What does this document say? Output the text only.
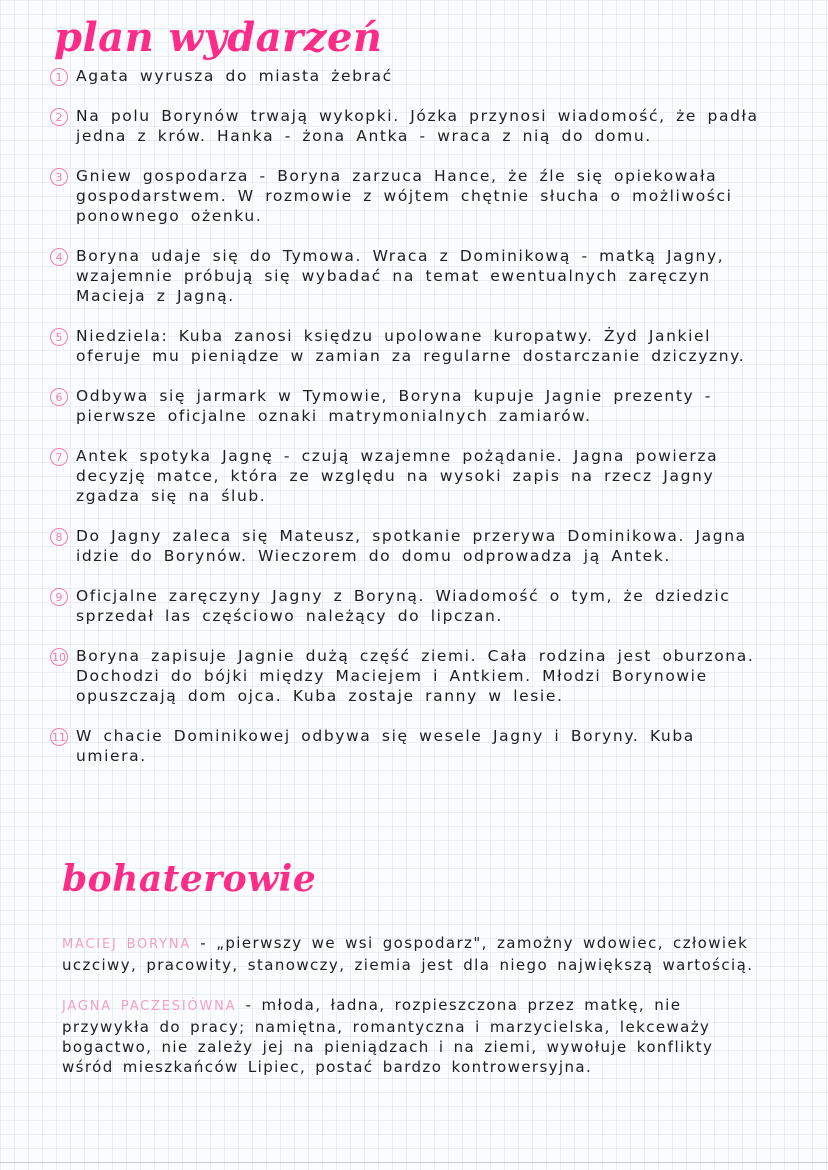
plan wydarzeń
1 Agata wyrusza do miasta żebrać

2 Na polu Borynów trwają wykopki. Józka przynosi wiadomość, że padła jedna z krów. Hanka - żona Antka - wraca z nią do domu.

3 Gniew gospodarza - Boryna zarzuca Hance, że źle się opiekowała gospodarstwem. W rozmowie z wójtem chętnie słucha o możliwości ponownego ożenku.

4 Boryna udaje się do Tymowa. Wraca z Dominikową - matką Jagny, wzajemnie próbują się wybadać na temat ewentualnych zaręczyn Macieja z Jagną.

5 Niedziela: Kuba zanosi księdzu upolowane kuropatwy. Żyd Jankiel oferuje mu pieniądze w zamian za regularne dostarczanie dziczyzny.

6 Odbywa się jarmark w Tymowie, Boryna kupuje Jagnie prezenty - pierwsze oficjalne oznaki matrymonialnych zamiarów.

7 Antek spotyka Jagnę - czują wzajemne pożądanie. Jagna powierza decyzję matce, która ze względu na wysoki zapis na rzecz Jagny zgadza się na ślub.

8 Do Jagny zaleca się Mateusz, spotkanie przerywa Dominikowa. Jagna idzie do Borynów. Wieczorem do domu odprowadza ją Antek.

9 Oficjalne zaręczyny Jagny z Boryną. Wiadomość o tym, że dziedzic sprzedał las częściowo należący do lipczan.

10 Boryna zapisuje Jagnie dużą część ziemi. Cała rodzina jest oburzona. Dochodzi do bójki między Maciejem i Antkiem. Młodzi Borynowie opuszczają dom ojca. Kuba zostaje ranny w lesie.

11 W chacie Dominikowej odbywa się wesele Jagny i Boryny. Kuba umiera.

bohaterowie

MACIEJ BORYNA - „pierwszy we wsi gospodarz", zamożny wdowiec, człowiek uczciwy, pracowity, stanowczy, ziemia jest dla niego największą wartością.

JAGNA PACZESIÓWNA - młoda, ładna, rozpieszczona przez matkę, nie przywykła do pracy; namiętna, romantyczna i marzycielska, lekceważy bogactwo, nie zależy jej na pieniądzach i na ziemi, wywołuje konflikty wśród mieszkańców Lipiec, postać bardzo kontrowersyjna.
